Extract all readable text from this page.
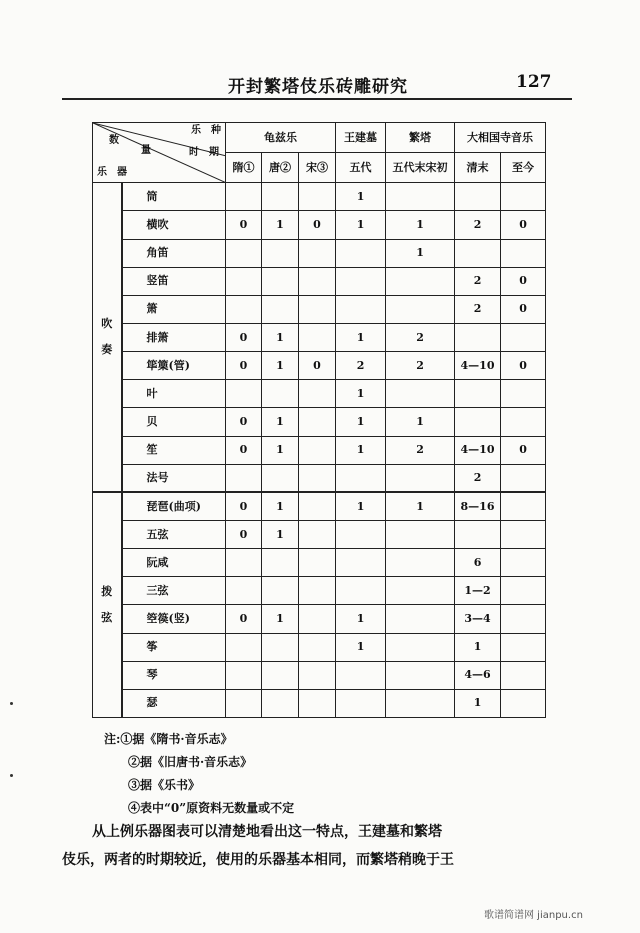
开封繁塔伎乐砖雕研究	127
乐　种
时　期
数
量
乐　器		龟兹乐			王建墓	繁塔	大相国寺音乐	
		隋①	唐②	宋③	五代	五代末宋初	清末	至今

吹
奏	筒				1			
	横吹	0	1	0	1	1	2	0
	角笛					1		
	竖笛						2	0
	箫						2	0
	排箫	0	1		1	2		
	筚篥(管)	0	1	0	2	2	4—10	0
	叶				1			
	贝	0	1		1	1		
	笙	0	1		1	2	4—10	0
	法号						2	

拨
弦	琵琶(曲项)	0	1		1	1	8—16	
	五弦	0	1					
	阮咸						6	
	三弦						1—2	
	箜篌(竖)	0	1		1		3—4	
	筝				1		1	
	琴						4—6	
	瑟						1	
注:①据《隋书·音乐志》
②据《旧唐书·音乐志》
③据《乐书》
④表中“0”原资料无数量或不定
从上例乐器图表可以清楚地看出这一特点，王建墓和繁塔
伎乐，两者的时期较近，使用的乐器基本相同，而繁塔稍晚于王
歌谱简谱网 jianpu.cn
